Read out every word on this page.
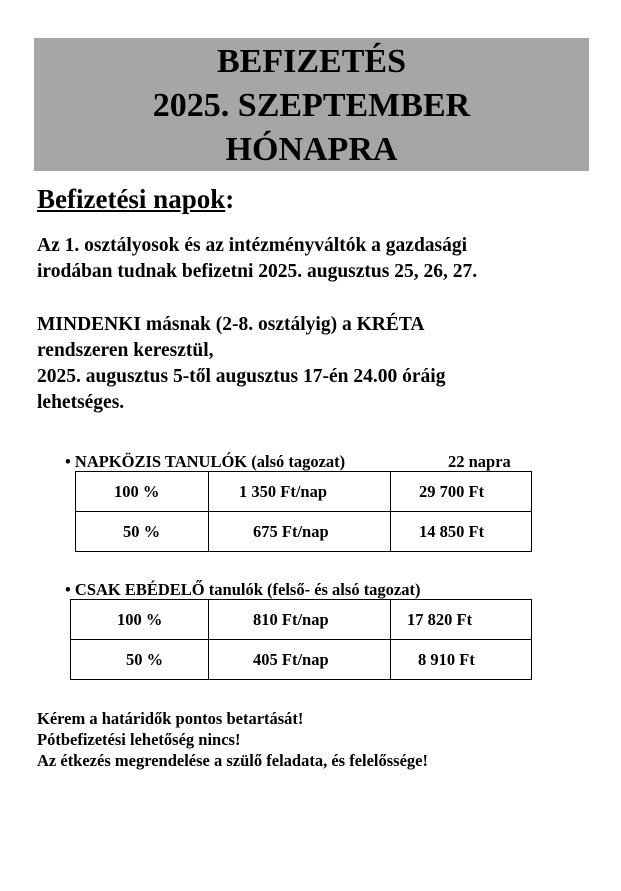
BEFIZETÉS
2025. SZEPTEMBER
HÓNAPRA
Befizetési napok:
Az 1. osztályosok és az intézményváltók a gazdasági
irodában tudnak befizetni 2025. augusztus 25, 26, 27.
MINDENKI másnak (2-8. osztályig) a KRÉTA
rendszeren keresztül,
2025. augusztus 5-től augusztus 17-én 24.00 óráig
lehetséges.
• NAPKÖZIS TANULÓK (alsó tagozat)	22 napra
100 %	1 350 Ft/nap	29 700 Ft

50 %	675 Ft/nap	14 850 Ft
• CSAK EBÉDELŐ tanulók (felső- és alsó tagozat)
100 %	810 Ft/nap	17 820 Ft

50 %	405 Ft/nap	8 910 Ft
Kérem a határidők pontos betartását!
Pótbefizetési lehetőség nincs!
Az étkezés megrendelése a szülő feladata, és felelőssége!
